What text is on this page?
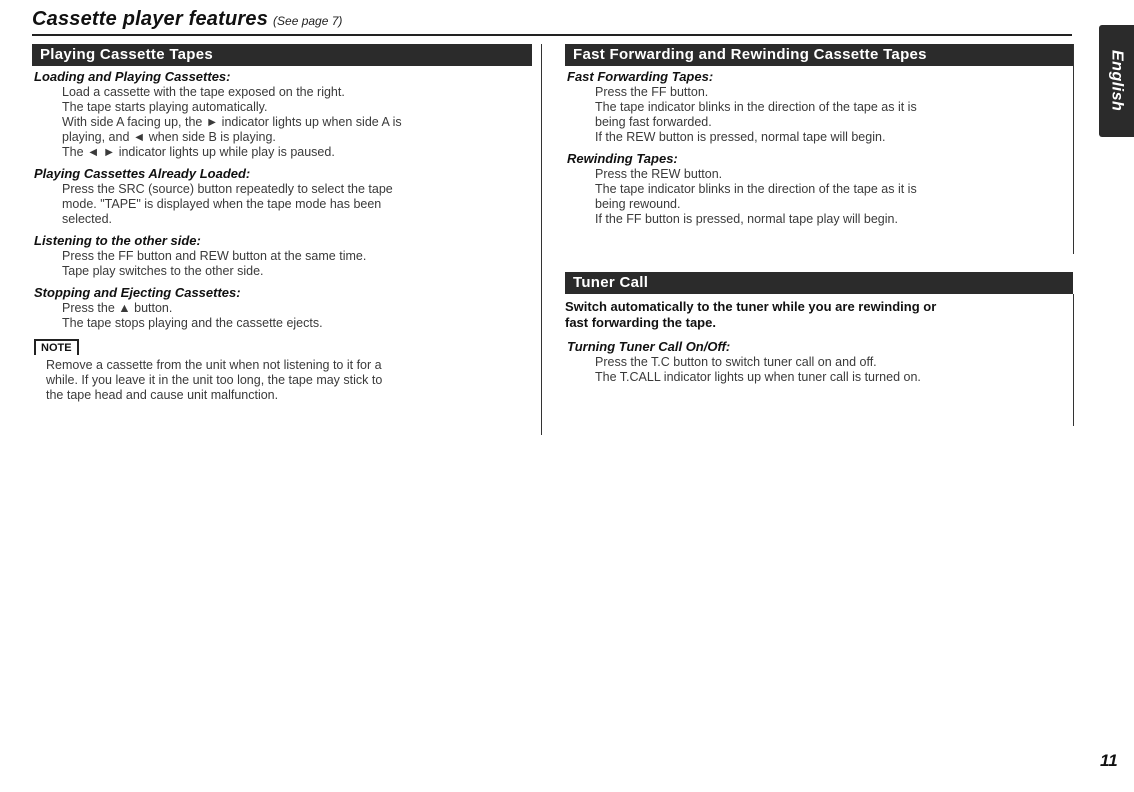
Cassette player features (See page 7)
English
Playing Cassette Tapes
Loading and Playing Cassettes:
Load a cassette with the tape exposed on the right.
The tape starts playing automatically.
With side A facing up, the ► indicator lights up when side A is
playing, and ◄ when side B is playing.
The ◄ ► indicator lights up while play is paused.
Playing Cassettes Already Loaded:
Press the SRC (source) button repeatedly to select the tape
mode. "TAPE" is displayed when the tape mode has been
selected.
Listening to the other side:
Press the FF button and REW button at the same time.
Tape play switches to the other side.
Stopping and Ejecting Cassettes:
Press the ▲ button.
The tape stops playing and the cassette ejects.
NOTE
Remove a cassette from the unit when not listening to it for a
while. If you leave it in the unit too long, the tape may stick to
the tape head and cause unit malfunction.
Fast Forwarding and Rewinding Cassette Tapes
Fast Forwarding Tapes:
Press the FF button.
The tape indicator blinks in the direction of the tape as it is
being fast forwarded.
If the REW button is pressed, normal tape will begin.
Rewinding Tapes:
Press the REW button.
The tape indicator blinks in the direction of the tape as it is
being rewound.
If the FF button is pressed, normal tape play will begin.
Tuner Call
Switch automatically to the tuner while you are rewinding or
fast forwarding the tape.
Turning Tuner Call On/Off:
Press the T.C button to switch tuner call on and off.
The T.CALL indicator lights up when tuner call is turned on.
11
